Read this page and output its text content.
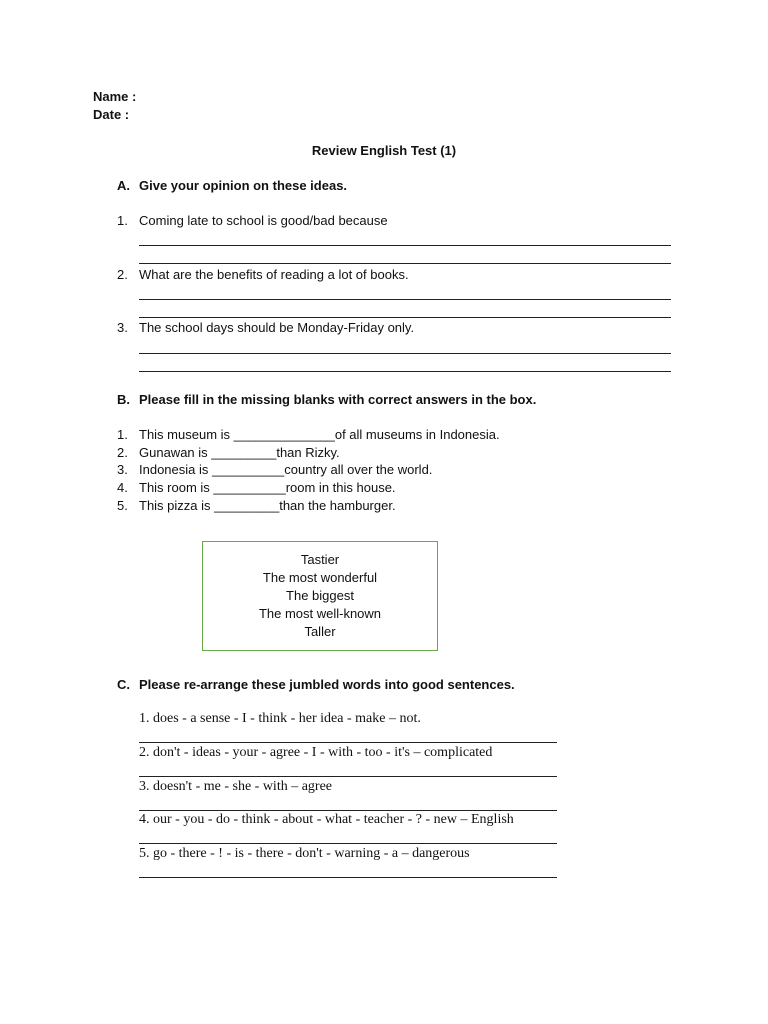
Name :
Date :
Review English Test (1)
A. Give your opinion on these ideas.
1. Coming late to school is good/bad because
2. What are the benefits of reading a lot of books.
3. The school days should be Monday-Friday only.
B. Please fill in the missing blanks with correct answers in the box.
1. This museum is ______________of all museums in Indonesia.
2. Gunawan is _________than Rizky.
3. Indonesia is __________country all over the world.
4. This room is __________room in this house.
5. This pizza is _________than the hamburger.
Tastier
The most wonderful
The biggest
The most well-known
Taller
C. Please re-arrange these jumbled words into good sentences.
1. does - a sense - I - think - her idea - make – not.
2. don't - ideas - your - agree - I - with - too - it's – complicated
3. doesn't - me - she - with – agree
4. our - you - do - think - about - what - teacher - ? - new – English
5. go - there - ! - is - there - don't - warning - a – dangerous
